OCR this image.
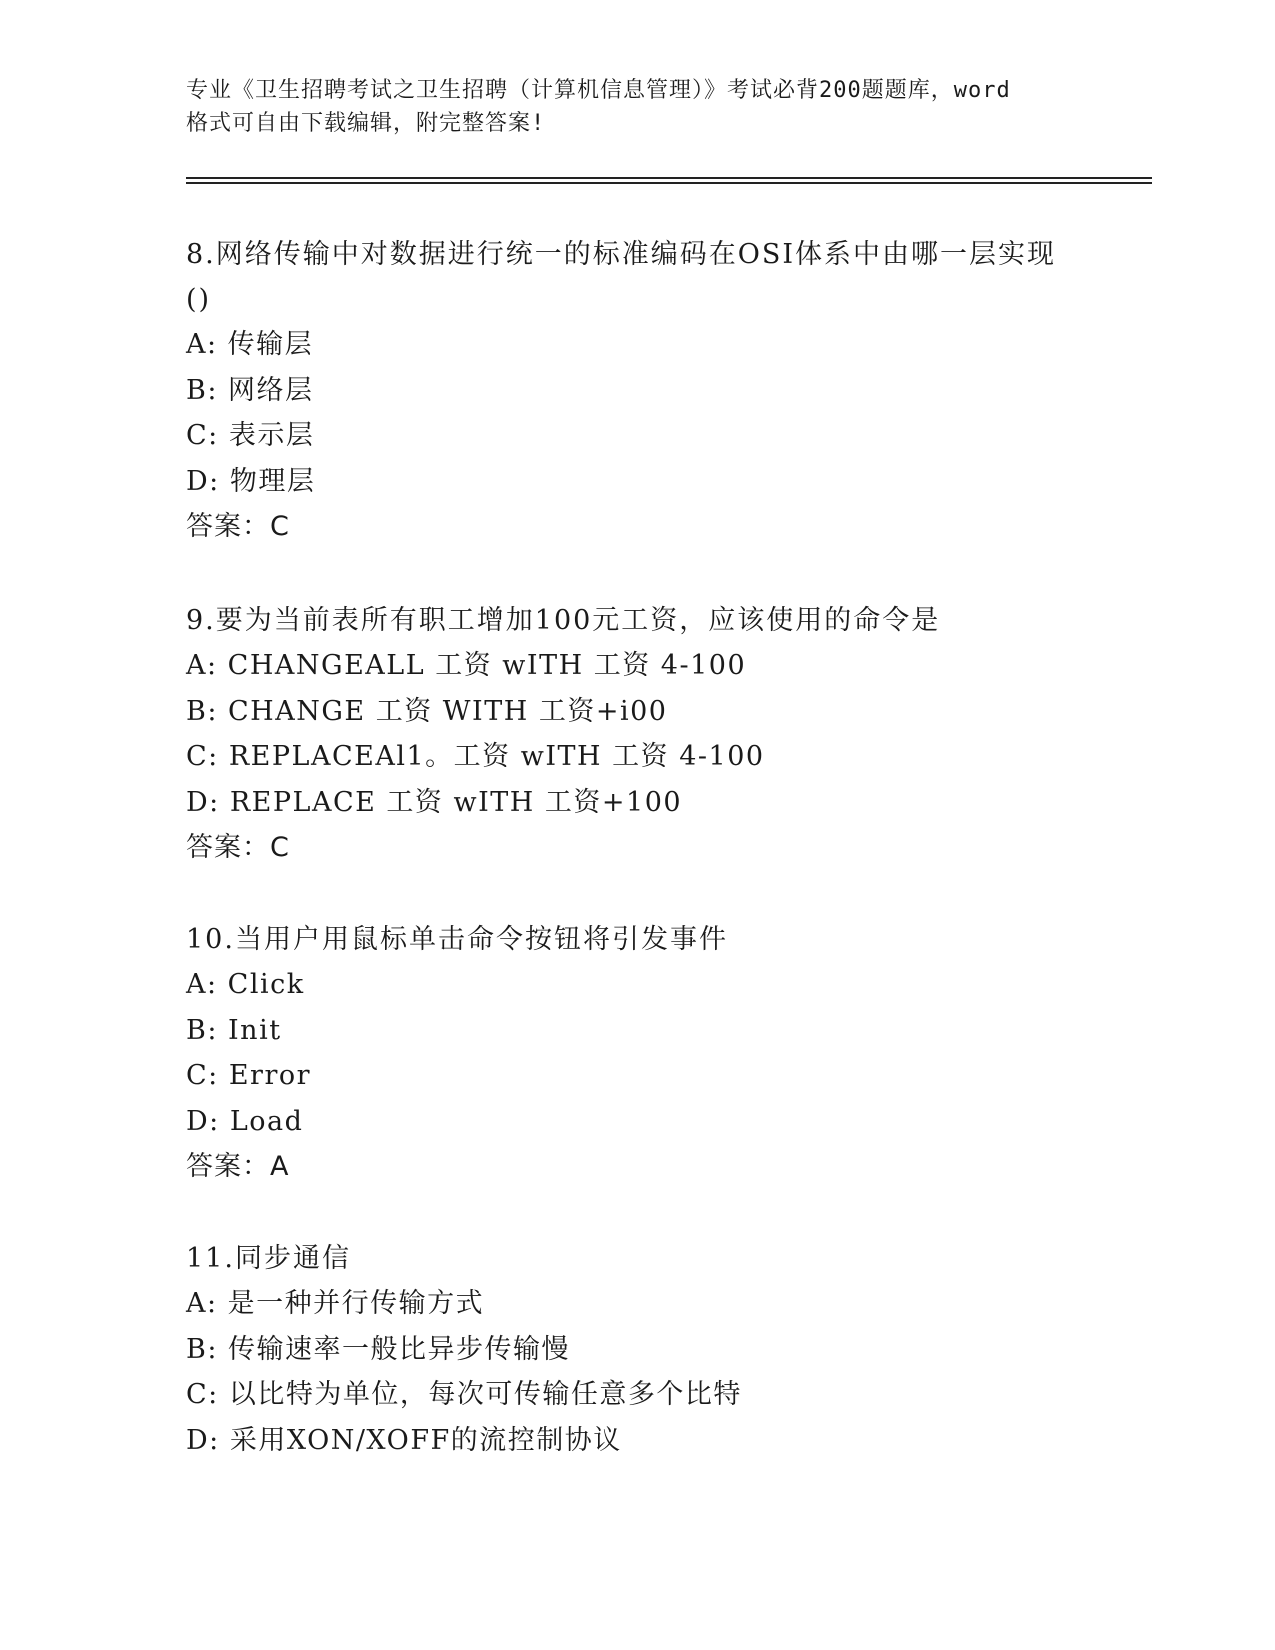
专业《卫生招聘考试之卫生招聘（计算机信息管理）》考试必背200题题库，word
格式可自由下载编辑，附完整答案!

8.网络传输中对数据进行统一的标准编码在OSI体系中由哪一层实现
()

A: 传输层

B: 网络层

C: 表示层

D: 物理层

答案：C

9.要为当前表所有职工增加100元工资，应该使用的命令是

A: CHANGEALL 工资 wITH 工资 4-100

B: CHANGE 工资 WITH 工资+i00

C: REPLACEAl1。工资 wITH 工资 4-100

D: REPLACE 工资 wITH 工资+100

答案：C

10.当用户用鼠标单击命令按钮将引发事件

A: Click

B: Init

C: Error

D: Load

答案：A

11.同步通信

A: 是一种并行传输方式

B: 传输速率一般比异步传输慢

C: 以比特为单位，每次可传输任意多个比特

D: 采用XON/XOFF的流控制协议
